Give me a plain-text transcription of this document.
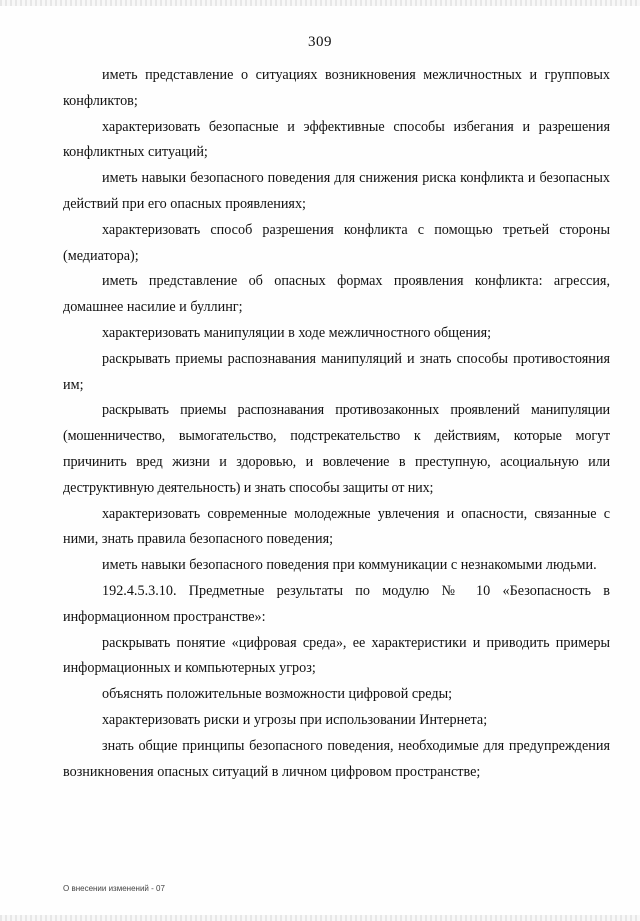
309

иметь представление о ситуациях возникновения межличностных и групповых конфликтов;

характеризовать безопасные и эффективные способы избегания и разрешения конфликтных ситуаций;

иметь навыки безопасного поведения для снижения риска конфликта и безопасных действий при его опасных проявлениях;

характеризовать способ разрешения конфликта с помощью третьей стороны (медиатора);

иметь представление об опасных формах проявления конфликта: агрессия, домашнее насилие и буллинг;

характеризовать манипуляции в ходе межличностного общения;

раскрывать приемы распознавания манипуляций и знать способы противостояния им;

раскрывать приемы распознавания противозаконных проявлений манипуляции (мошенничество, вымогательство, подстрекательство к действиям, которые могут причинить вред жизни и здоровью, и вовлечение в преступную, асоциальную или деструктивную деятельность) и знать способы защиты от них;

характеризовать современные молодежные увлечения и опасности, связанные с ними, знать правила безопасного поведения;

иметь навыки безопасного поведения при коммуникации с незнакомыми людьми.

192.4.5.3.10. Предметные результаты по модулю № 10 «Безопасность в информационном пространстве»:

раскрывать понятие «цифровая среда», ее характеристики и приводить примеры информационных и компьютерных угроз;

объяснять положительные возможности цифровой среды;

характеризовать риски и угрозы при использовании Интернета;

знать общие принципы безопасного поведения, необходимые для предупреждения возникновения опасных ситуаций в личном цифровом пространстве;

О внесении изменений - 07
